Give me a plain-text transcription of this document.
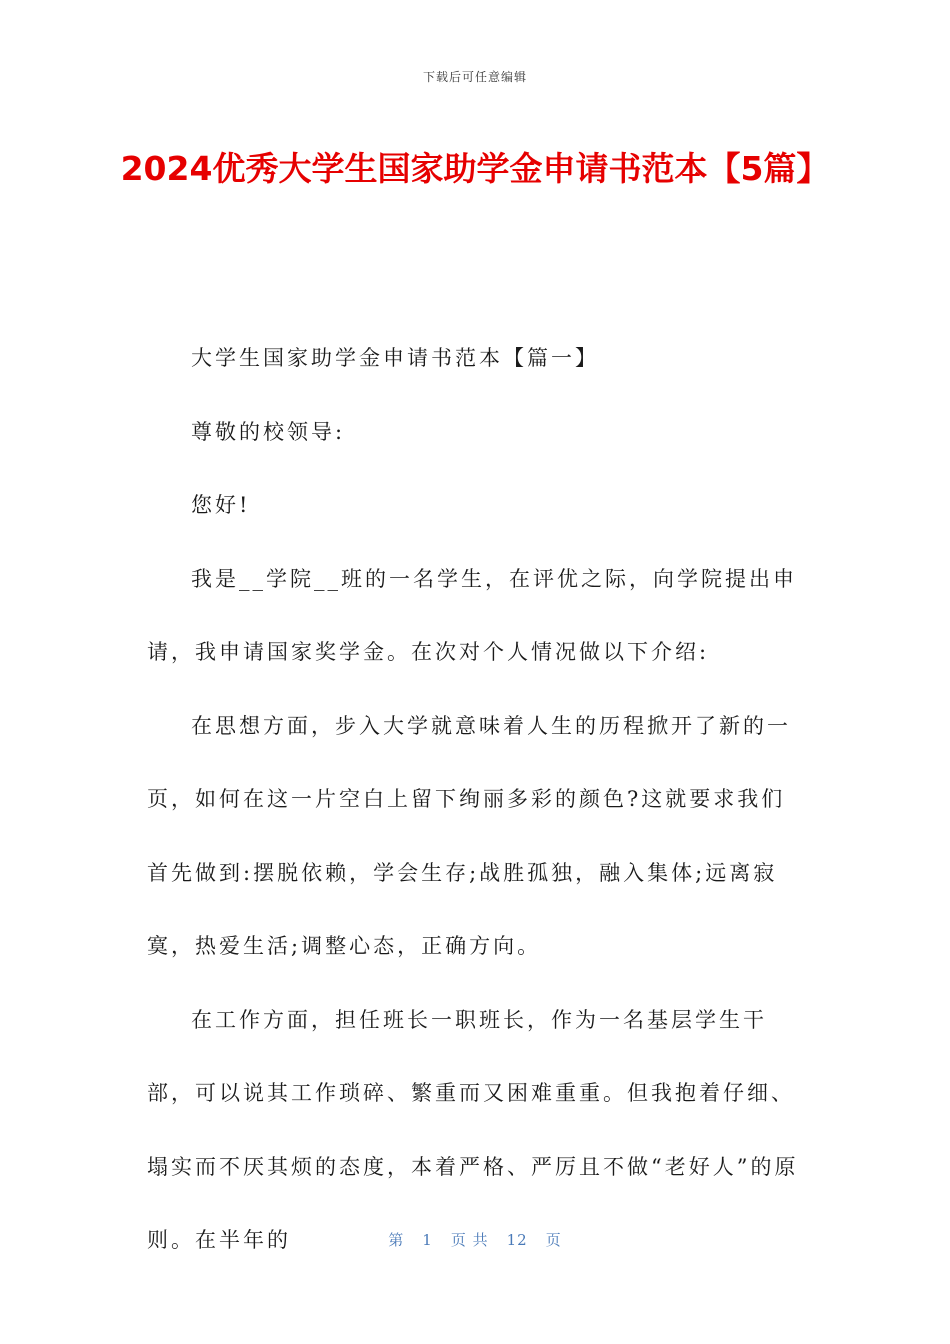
下载后可任意编辑
2024优秀大学生国家助学金申请书范本【5篇】

大学生国家助学金申请书范本【篇一】

尊敬的校领导:

您好!

我是__学院__班的一名学生，在评优之际，向学院提出申请，我申请国家奖学金。在次对个人情况做以下介绍:

在思想方面，步入大学就意味着人生的历程掀开了新的一页，如何在这一片空白上留下绚丽多彩的颜色?这就要求我们首先做到:摆脱依赖，学会生存;战胜孤独，融入集体;远离寂寞，热爱生活;调整心态，正确方向。

在工作方面，担任班长一职班长，作为一名基层学生干部，可以说其工作琐碎、繁重而又困难重重。但我抱着仔细、塌实而不厌其烦的态度，本着严格、严厉且不做“老好人”的原则。在半年的	第 1 页 共 12 页
